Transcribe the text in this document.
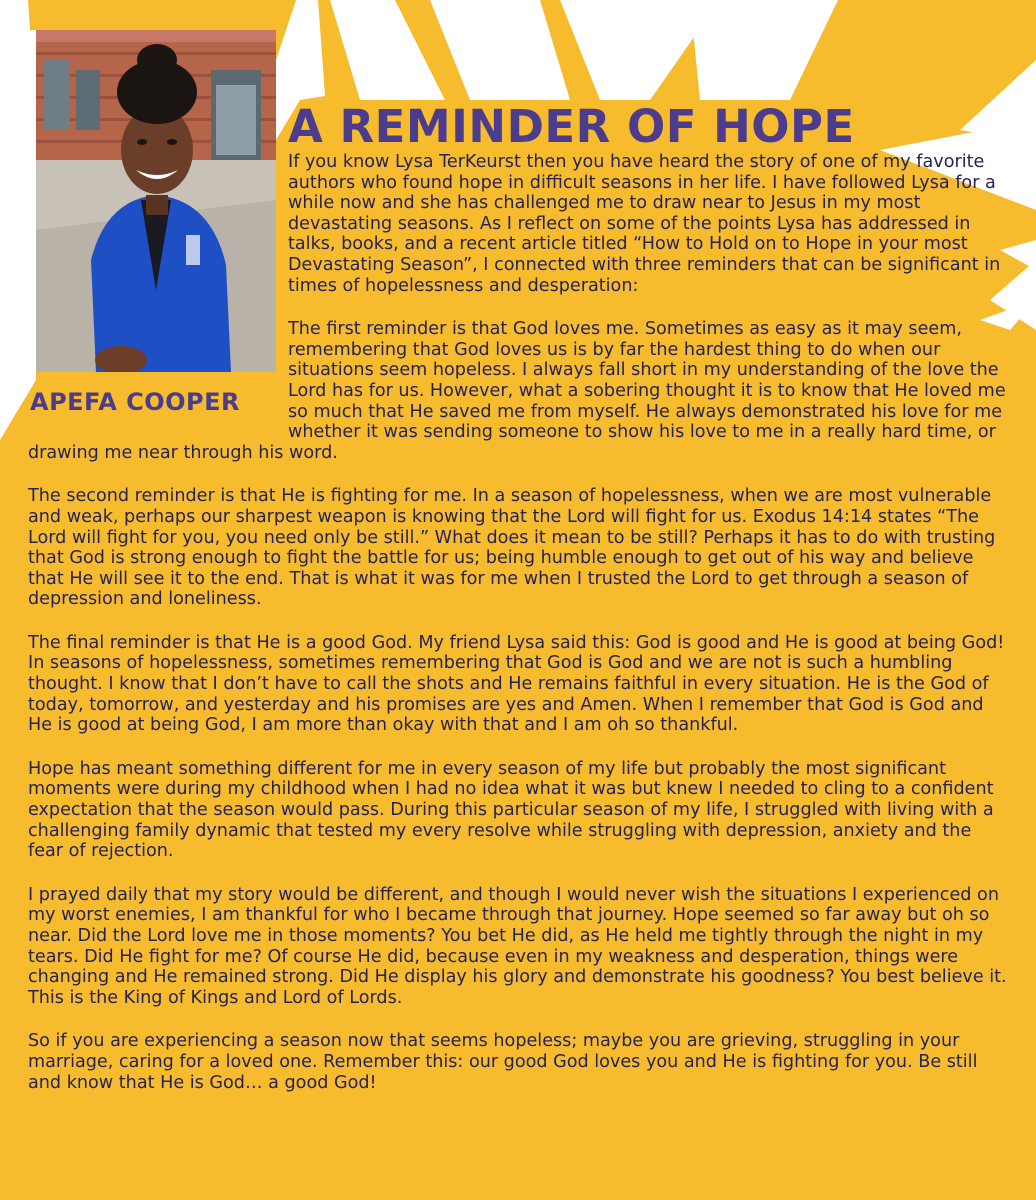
APEFA COOPER
A REMINDER OF HOPE

If you know Lysa TerKeurst then you have heard the story of one of my favorite authors who found hope in difficult seasons in her life. I have followed Lysa for a while now and she has challenged me to draw near to Jesus in my most devastating seasons. As I reflect on some of the points Lysa has addressed in talks, books, and a recent article titled “How to Hold on to Hope in your most Devastating Season”, I connected with three reminders that can be significant in times of hopelessness and desperation:

The first reminder is that God loves me. Sometimes as easy as it may seem, remembering that God loves us is by far the hardest thing to do when our situations seem hopeless. I always fall short in my understanding of the love the Lord has for us. However, what a sobering thought it is to know that He loved me so much that He saved me from myself. He always demonstrated his love for me whether it was sending someone to show his love to me in a really hard time, or drawing me near through his word.

The second reminder is that He is fighting for me. In a season of hopelessness, when we are most vulnerable and weak, perhaps our sharpest weapon is knowing that the Lord will fight for us. Exodus 14:14 states “The Lord will fight for you, you need only be still.” What does it mean to be still? Perhaps it has to do with trusting that God is strong enough to fight the battle for us; being humble enough to get out of his way and believe that He will see it to the end. That is what it was for me when I trusted the Lord to get through a season of depression and loneliness.

The final reminder is that He is a good God. My friend Lysa said this: God is good and He is good at being God! In seasons of hopelessness, sometimes remembering that God is God and we are not is such a humbling thought. I know that I don’t have to call the shots and He remains faithful in every situation. He is the God of today, tomorrow, and yesterday and his promises are yes and Amen. When I remember that God is God and He is good at being God, I am more than okay with that and I am oh so thankful.

Hope has meant something different for me in every season of my life but probably the most significant moments were during my childhood when I had no idea what it was but knew I needed to cling to a confident expectation that the season would pass. During this particular season of my life, I struggled with living with a challenging family dynamic that tested my every resolve while struggling with depression, anxiety and the fear of rejection.

I prayed daily that my story would be different, and though I would never wish the situations I experienced on my worst enemies, I am thankful for who I became through that journey. Hope seemed so far away but oh so near. Did the Lord love me in those moments? You bet He did, as He held me tightly through the night in my tears. Did He fight for me? Of course He did, because even in my weakness and desperation, things were changing and He remained strong. Did He display his glory and demonstrate his goodness? You best believe it. This is the King of Kings and Lord of Lords.

So if you are experiencing a season now that seems hopeless; maybe you are grieving, struggling in your marriage, caring for a loved one. Remember this: our good God loves you and He is fighting for you. Be still and know that He is God… a good God!
